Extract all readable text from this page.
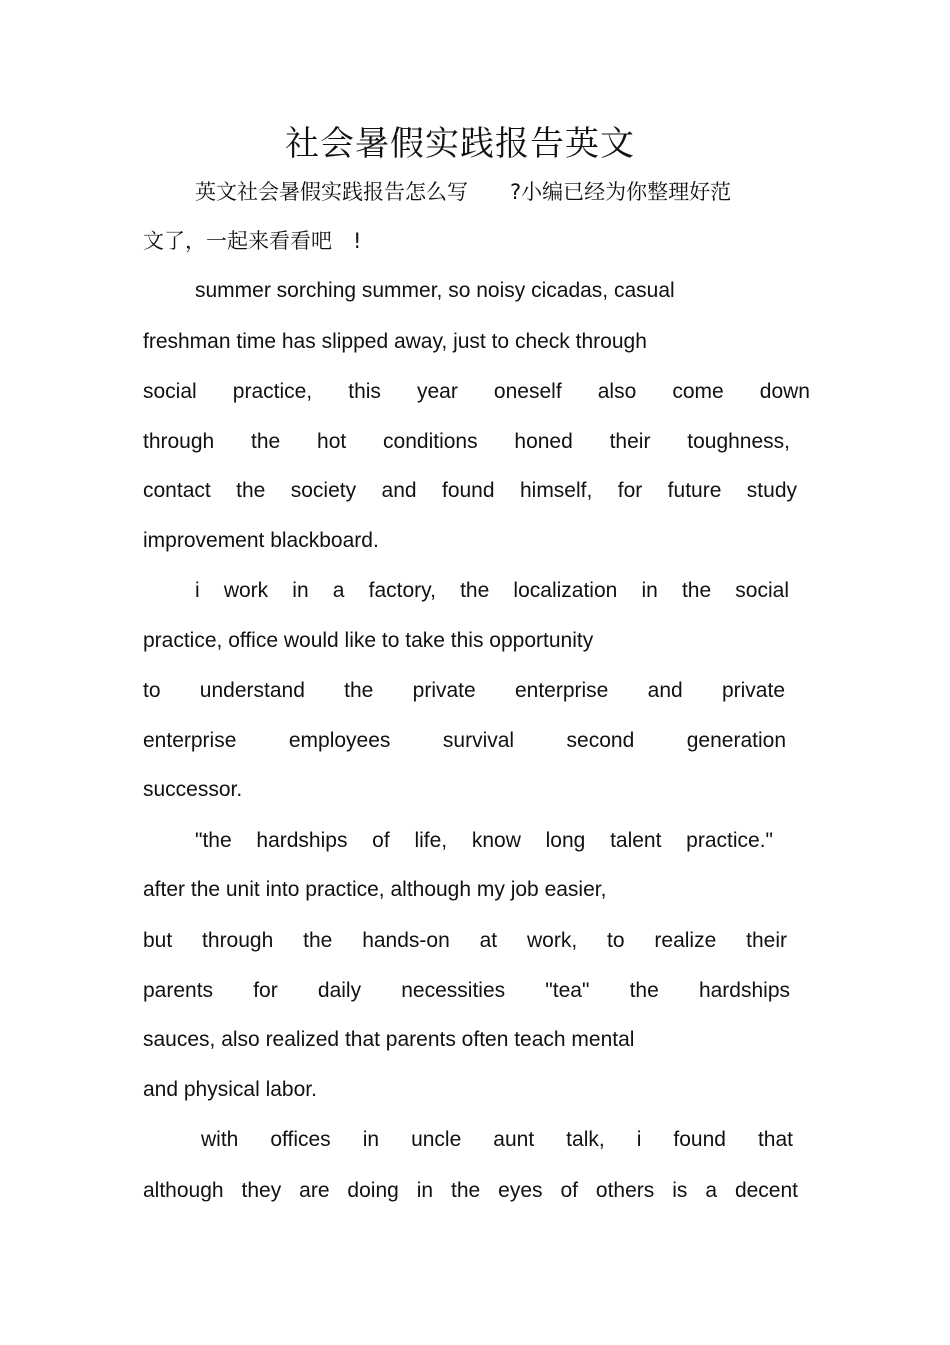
社会暑假实践报告英文
英文社会暑假实践报告怎么写　　?小编已经为你整理好范
文了，一起来看看吧　!
summer sorching summer, so noisy cicadas, casual
freshman time has slipped away, just to check through
social practice, this year oneself also come down
through the hot conditions honed their toughness,
contact the society and found himself, for future study
improvement blackboard.
i work in a factory, the localization in the social
practice, office would like to take this opportunity
to understand the private enterprise and private
enterprise employees survival second generation
successor.
"the hardships of life, know long talent practice."
after the unit into practice, although my job easier,
but through the hands-on at work, to realize their
parents for daily necessities "tea" the hardships
sauces, also realized that parents often teach mental
and physical labor.
with offices in uncle aunt talk, i found that
although they are doing in the eyes of others is a decent
